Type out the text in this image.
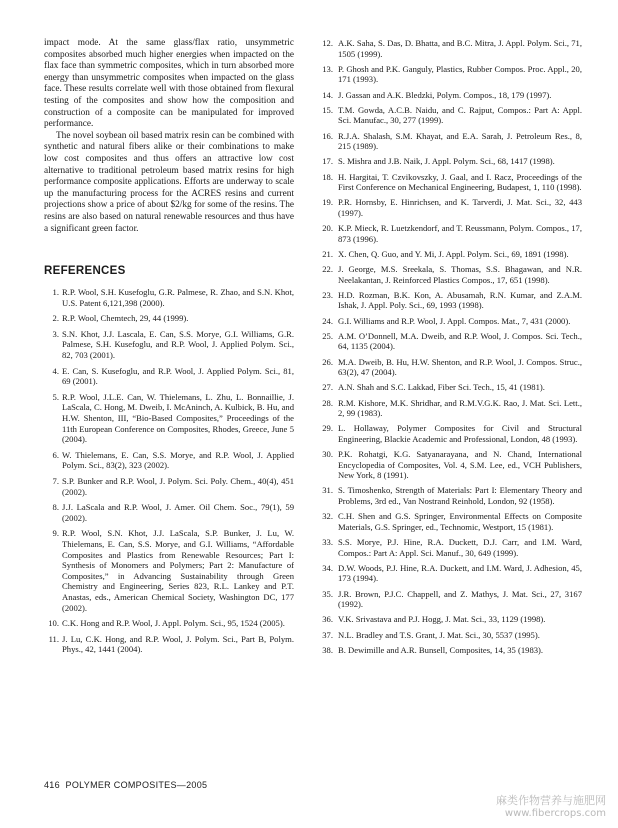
impact mode. At the same glass/flax ratio, unsymmetric composites absorbed much higher energies when impacted on the flax face than symmetric composites, which in turn absorbed more energy than unsymmetric composites when impacted on the glass face. These results correlate well with those obtained from flexural testing of the composites and show how the composition and construction of a composite can be manipulated for improved performance.

The novel soybean oil based matrix resin can be combined with synthetic and natural fibers alike or their combinations to make low cost composites and thus offers an attractive low cost alternative to traditional petroleum based matrix resins for high performance composite applications. Efforts are underway to scale up the manufacturing process for the ACRES resins and current projections show a price of about $2/kg for some of the resins. The resins are also based on natural renewable resources and thus have a significant green factor.

REFERENCES
1. R.P. Wool, S.H. Kusefoglu, G.R. Palmese, R. Zhao, and S.N. Khot, U.S. Patent 6,121,398 (2000).
2. R.P. Wool, Chemtech, 29, 44 (1999).
3. S.N. Khot, J.J. Lascala, E. Can, S.S. Morye, G.I. Williams, G.R. Palmese, S.H. Kusefoglu, and R.P. Wool, J. Applied Polym. Sci., 82, 703 (2001).
4. E. Can, S. Kusefoglu, and R.P. Wool, J. Applied Polym. Sci., 81, 69 (2001).
5. R.P. Wool, J.L.E. Can, W. Thielemans, L. Zhu, L. Bonnaillie, J. LaScala, C. Hong, M. Dweib, I. McAninch, A. Kulbick, B. Hu, and H.W. Shenton, III, “Bio-Based Composites,” Proceedings of the 11th European Conference on Composites, Rhodes, Greece, June 5 (2004).
6. W. Thielemans, E. Can, S.S. Morye, and R.P. Wool, J. Applied Polym. Sci., 83(2), 323 (2002).
7. S.P. Bunker and R.P. Wool, J. Polym. Sci. Poly. Chem., 40(4), 451 (2002).
8. J.J. LaScala and R.P. Wool, J. Amer. Oil Chem. Soc., 79(1), 59 (2002).
9. R.P. Wool, S.N. Khot, J.J. LaScala, S.P. Bunker, J. Lu, W. Thielemans, E. Can, S.S. Morye, and G.I. Williams, “Affordable Composites and Plastics from Renewable Resources; Part I: Synthesis of Monomers and Polymers; Part 2: Manufacture of Composites,” in Advancing Sustainability through Green Chemistry and Engineering, Series 823, R.L. Lankey and P.T. Anastas, eds., American Chemical Society, Washington DC, 177 (2002).
10. C.K. Hong and R.P. Wool, J. Appl. Polym. Sci., 95, 1524 (2005).
11. J. Lu, C.K. Hong, and R.P. Wool, J. Polym. Sci., Part B, Polym. Phys., 42, 1441 (2004).
12. A.K. Saha, S. Das, D. Bhatta, and B.C. Mitra, J. Appl. Polym. Sci., 71, 1505 (1999).
13. P. Ghosh and P.K. Ganguly, Plastics, Rubber Compos. Proc. Appl., 20, 171 (1993).
14. J. Gassan and A.K. Bledzki, Polym. Compos., 18, 179 (1997).
15. T.M. Gowda, A.C.B. Naidu, and C. Rajput, Compos.: Part A: Appl. Sci. Manufac., 30, 277 (1999).
16. R.J.A. Shalash, S.M. Khayat, and E.A. Sarah, J. Petroleum Res., 8, 215 (1989).
17. S. Mishra and J.B. Naik, J. Appl. Polym. Sci., 68, 1417 (1998).
18. H. Hargitai, T. Czvikovszky, J. Gaal, and I. Racz, Proceedings of the First Conference on Mechanical Engineering, Budapest, 1, 110 (1998).
19. P.R. Hornsby, E. Hinrichsen, and K. Tarverdi, J. Mat. Sci., 32, 443 (1997).
20. K.P. Mieck, R. Luetzkendorf, and T. Reussmann, Polym. Compos., 17, 873 (1996).
21. X. Chen, Q. Guo, and Y. Mi, J. Appl. Polym. Sci., 69, 1891 (1998).
22. J. George, M.S. Sreekala, S. Thomas, S.S. Bhagawan, and N.R. Neelakantan, J. Reinforced Plastics Compos., 17, 651 (1998).
23. H.D. Rozman, B.K. Kon, A. Abusamah, R.N. Kumar, and Z.A.M. Ishak, J. Appl. Poly. Sci., 69, 1993 (1998).
24. G.I. Williams and R.P. Wool, J. Appl. Compos. Mat., 7, 431 (2000).
25. A.M. O’Donnell, M.A. Dweib, and R.P. Wool, J. Compos. Sci. Tech., 64, 1135 (2004).
26. M.A. Dweib, B. Hu, H.W. Shenton, and R.P. Wool, J. Compos. Struc., 63(2), 47 (2004).
27. A.N. Shah and S.C. Lakkad, Fiber Sci. Tech., 15, 41 (1981).
28. R.M. Kishore, M.K. Shridhar, and R.M.V.G.K. Rao, J. Mat. Sci. Lett., 2, 99 (1983).
29. L. Hollaway, Polymer Composites for Civil and Structural Engineering, Blackie Academic and Professional, London, 48 (1993).
30. P.K. Rohatgi, K.G. Satyanarayana, and N. Chand, International Encyclopedia of Composites, Vol. 4, S.M. Lee, ed., VCH Publishers, New York, 8 (1991).
31. S. Timoshenko, Strength of Materials: Part I: Elementary Theory and Problems, 3rd ed., Van Nostrand Reinhold, London, 92 (1958).
32. C.H. Shen and G.S. Springer, Environmental Effects on Composite Materials, G.S. Springer, ed., Technomic, Westport, 15 (1981).
33. S.S. Morye, P.J. Hine, R.A. Duckett, D.J. Carr, and I.M. Ward, Compos.: Part A: Appl. Sci. Manuf., 30, 649 (1999).
34. D.W. Woods, P.J. Hine, R.A. Duckett, and I.M. Ward, J. Adhesion, 45, 173 (1994).
35. J.R. Brown, P.J.C. Chappell, and Z. Mathys, J. Mat. Sci., 27, 3167 (1992).
36. V.K. Srivastava and P.J. Hogg, J. Mat. Sci., 33, 1129 (1998).
37. N.L. Bradley and T.S. Grant, J. Mat. Sci., 30, 5537 (1995).
38. B. Dewimille and A.R. Bunsell, Composites, 14, 35 (1983).
416 POLYMER COMPOSITES—2005
麻类作物营养与施肥网
www.fibercrops.com
